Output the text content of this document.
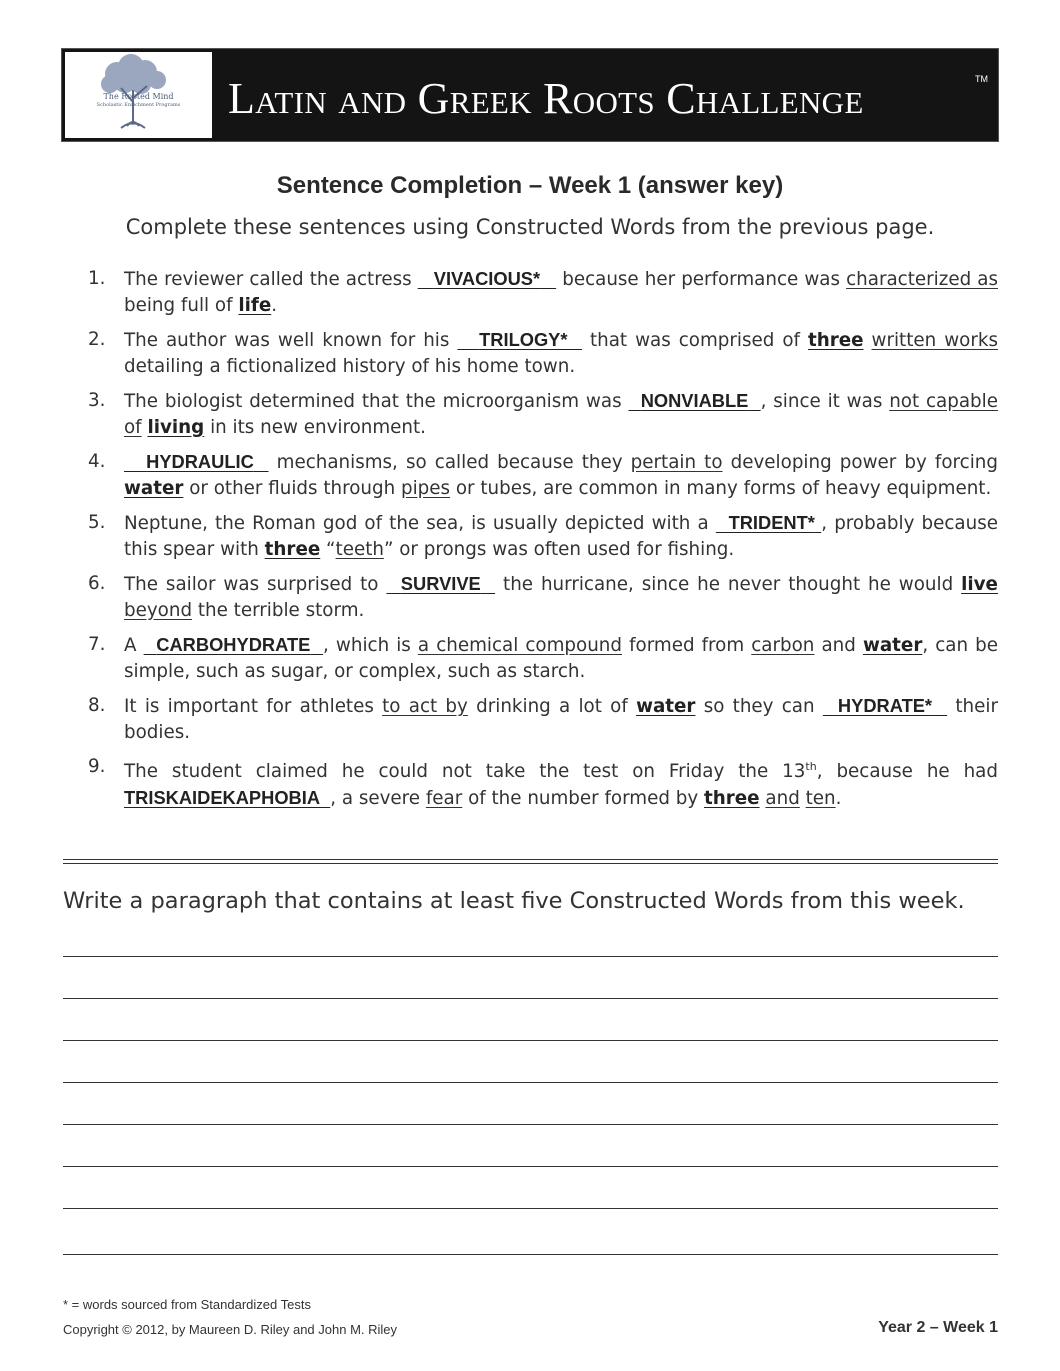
The Rooted Mind
Scholastic Enrichment Programs	Latin and Greek Roots Challenge	TM
Sentence Completion – Week 1 (answer key)
Complete these sentences using Constructed Words from the previous page.
1. The reviewer called the actress    VIVACIOUS*    because her performance was characterized as being full of life.
2. The author was well known for his    TRILOGY*   that was comprised of three written works detailing a fictionalized history of his home town.
3. The biologist determined that the microorganism was   NONVIABLE , since it was not capable of living in its new environment.
4. HYDRAULIC   mechanisms, so called because they pertain to developing power by forcing water or other fluids through pipes or tubes, are common in many forms of heavy equipment.
5. Neptune, the Roman god of the sea, is usually depicted with a   TRIDENT* , probably because this spear with three “teeth” or prongs was often used for fishing.
6. The sailor was surprised to   SURVIVE   the hurricane, since he never thought he would live beyond the terrible storm.
7. A   CARBOHYDRATE , which is a chemical compound formed from carbon and water, can be simple, such as sugar, or complex, such as starch.
8. It is important for athletes to act by drinking a lot of water so they can   HYDRATE*   their bodies.
9. The student claimed he could not take the test on Friday the 13th, because he had TRISKAIDEKAPHOBIA , a severe fear of the number formed by three and ten.
Write a paragraph that contains at least five Constructed Words from this week.
* = words sourced from Standardized Tests
Copyright © 2012, by Maureen D. Riley and John M. Riley	Year 2 – Week 1
